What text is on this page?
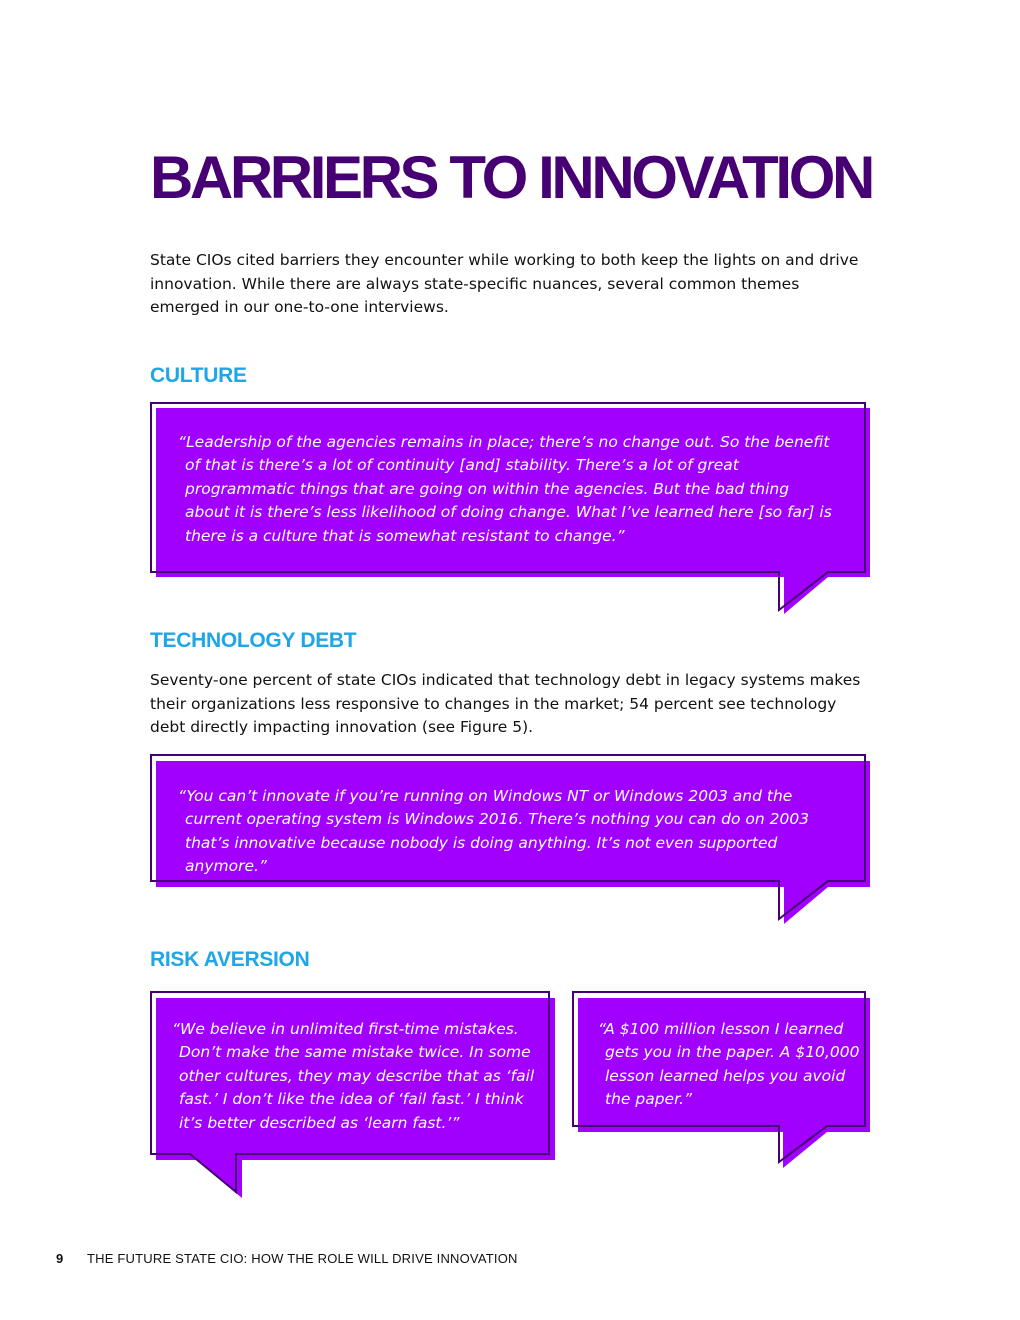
BARRIERS TO INNOVATION

State CIOs cited barriers they encounter while working to both keep the lights on and drive innovation. While there are always state-specific nuances, several common themes emerged in our one-to-one interviews.

CULTURE

“Leadership of the agencies remains in place; there’s no change out. So the benefit of that is there’s a lot of continuity [and] stability. There’s a lot of great programmatic things that are going on within the agencies. But the bad thing about it is there’s less likelihood of doing change. What I’ve learned here [so far] is there is a culture that is somewhat resistant to change.”

TECHNOLOGY DEBT

Seventy-one percent of state CIOs indicated that technology debt in legacy systems makes their organizations less responsive to changes in the market; 54 percent see technology debt directly impacting innovation (see Figure 5).

“You can’t innovate if you’re running on Windows NT or Windows 2003 and the current operating system is Windows 2016. There’s nothing you can do on 2003 that’s innovative because nobody is doing anything. It’s not even supported anymore.”

RISK AVERSION

“We believe in unlimited first-time mistakes. Don’t make the same mistake twice. In some other cultures, they may describe that as ‘fail fast.’ I don’t like the idea of ‘fail fast.’ I think it’s better described as ‘learn fast.’”

“A $100 million lesson I learned gets you in the paper. A $10,000 lesson learned helps you avoid the paper.”

9 THE FUTURE STATE CIO: HOW THE ROLE WILL DRIVE INNOVATION
